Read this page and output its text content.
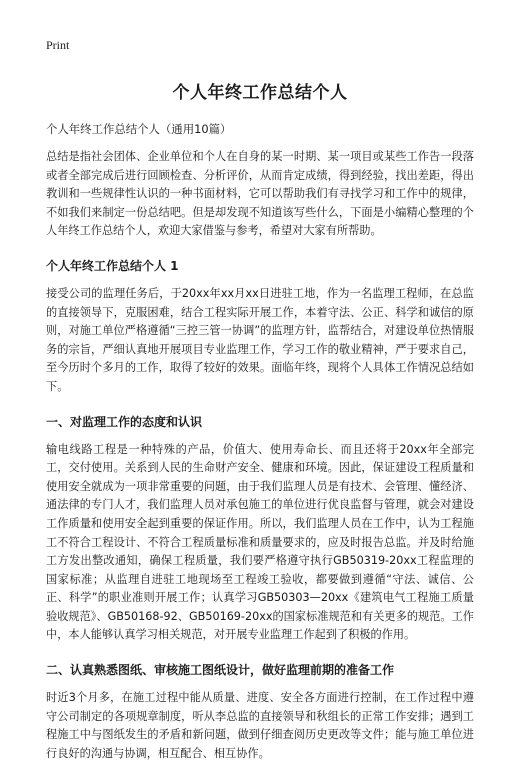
Print
个人年终工作总结个人
个人年终工作总结个人（通用10篇）

总结是指社会团体、企业单位和个人在自身的某一时期、某一项目或某些工作告一段落或者全部完成后进行回顾检查、分析评价，从而肯定成绩，得到经验，找出差距，得出教训和一些规律性认识的一种书面材料，它可以帮助我们有寻找学习和工作中的规律，不如我们来制定一份总结吧。但是却发现不知道该写些什么，下面是小编精心整理的个人年终工作总结个人，欢迎大家借鉴与参考，希望对大家有所帮助。

个人年终工作总结个人 1

接受公司的监理任务后，于20xx年xx月xx日进驻工地，作为一名监理工程师，在总监的直接领导下，克服困难，结合工程实际开展工作，本着守法、公正、科学和诚信的原则，对施工单位严格遵循“三控三管一协调”的监理方针，监帮结合，对建设单位热情服务的宗旨，严细认真地开展项目专业监理工作，学习工作的敬业精神，严于要求自己，至今历时个多月的工作，取得了较好的效果。面临年终，现将个人具体工作情况总结如下。

一、对监理工作的态度和认识

输电线路工程是一种特殊的产品，价值大、使用寿命长、而且还将于20xx年全部完工，交付使用。关系到人民的生命财产安全、健康和环境。因此，保证建设工程质量和使用安全就成为一项非常重要的问题，由于我们监理人员是有技术、会管理、懂经济、通法律的专门人才，我们监理人员对承包施工的单位进行优良监督与管理，就会对建设工作质量和使用安全起到重要的保证作用。所以，我们监理人员在工作中，认为工程施工不符合工程设计、不符合工程质量标准和质量要求的，应及时报告总监。并及时给施工方发出整改通知，确保工程质量，我们要严格遵守执行GB50319-20xx工程监理的国家标准；从监理自进驻工地现场至工程竣工验收，都要做到遵循“守法、诚信、公正、科学”的职业准则开展工作；认真学习GB50303—20xx《建筑电气工程施工质量验收规范》、GB50168-92、GB50169-20xx的国家标准规范和有关更多的规范。工作中，本人能够认真学习相关规范，对开展专业监理工作起到了积极的作用。

二、认真熟悉图纸、审核施工图纸设计，做好监理前期的准备工作

时近3个月多，在施工过程中能从质量、进度、安全各方面进行控制，在工作过程中遵守公司制定的各项规章制度，听从李总监的直接领导和秋组长的正常工作安排；遇到工程施工中与图纸发生的矛盾和新问题，做到仔细查阅历史更改等文件；能与施工单位进行良好的沟通与协调，相互配合、相互协作。
